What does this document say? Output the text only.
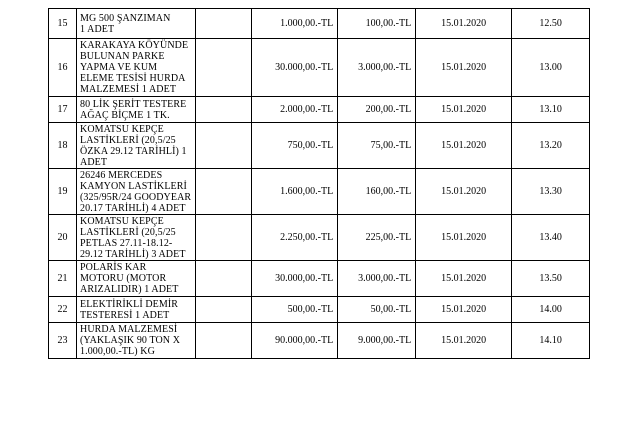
15	MG 500 ŞANZIMAN
1 ADET		1.000,00.-TL	100,00.-TL	15.01.2020	12.50
16	KARAKAYA KÖYÜNDE
BULUNAN PARKE
YAPMA VE KUM
ELEME TESİSİ HURDA
MALZEMESİ 1 ADET		30.000,00.-TL	3.000,00.-TL	15.01.2020	13.00
17	80 LİK ŞERİT TESTERE
AĞAÇ BİÇME 1 TK.		2.000,00.-TL	200,00.-TL	15.01.2020	13.10
18	KOMATSU KEPÇE
LASTİKLERİ (20,5/25
ÖZKA 29.12 TARİHLİ) 1
ADET		750,00.-TL	75,00.-TL	15.01.2020	13.20
19	26246 MERCEDES
KAMYON LASTİKLERİ
(325/95R/24 GOODYEAR
20.17 TARİHLİ) 4 ADET		1.600,00.-TL	160,00.-TL	15.01.2020	13.30
20	KOMATSU KEPÇE
LASTİKLERİ (20,5/25
PETLAS 27.11-18.12-
29.12 TARİHLİ) 3 ADET		2.250,00.-TL	225,00.-TL	15.01.2020	13.40
21	POLARİS KAR
MOTORU (MOTOR
ARIZALIDIR) 1 ADET		30.000,00.-TL	3.000,00.-TL	15.01.2020	13.50
22	ELEKTİRİKLİ DEMİR
TESTERESİ 1 ADET		500,00.-TL	50,00.-TL	15.01.2020	14.00
23	HURDA MALZEMESİ
(YAKLAŞIK 90 TON X
1.000,00.-TL) KG		90.000,00.-TL	9.000,00.-TL	15.01.2020	14.10
